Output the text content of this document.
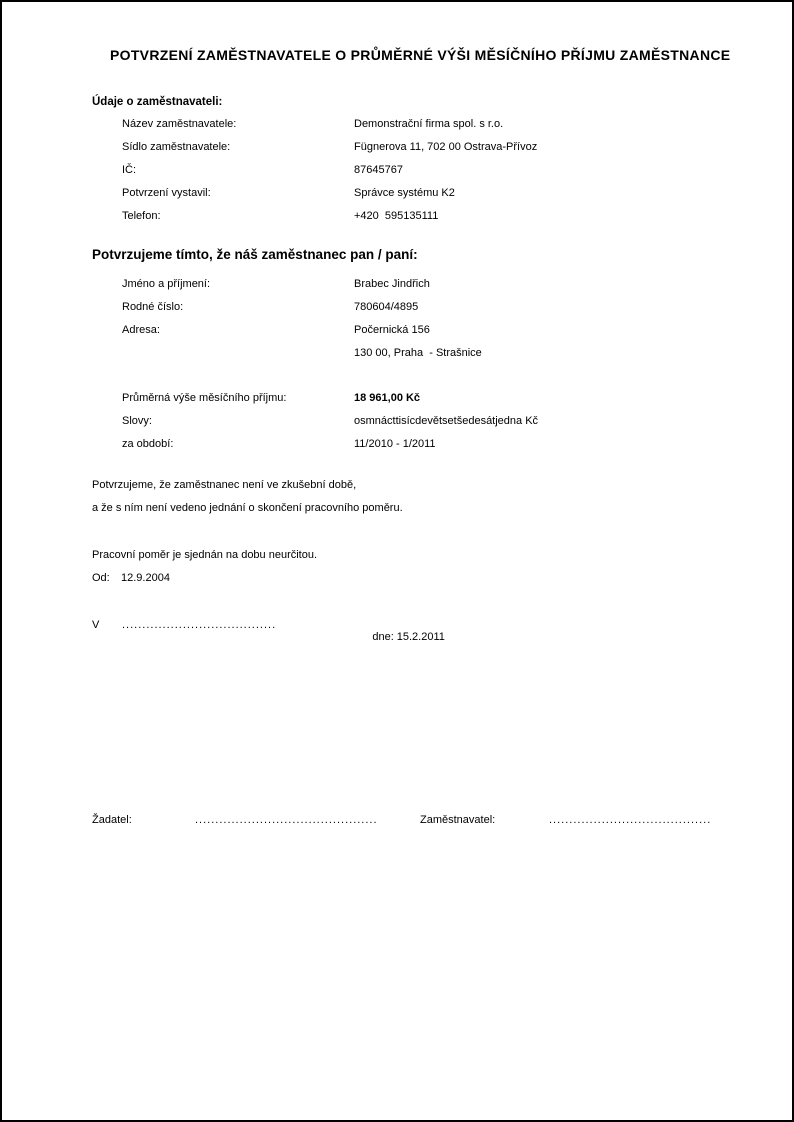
POTVRZENÍ ZAMĚSTNAVATELE O PRŮMĚRNÉ VÝŠI MĚSÍČNÍHO PŘÍJMU ZAMĚSTNANCE
Údaje o zaměstnavateli:
Název zaměstnavatele:	Demonstrační firma spol. s r.o.
Sídlo zaměstnavatele:	Fügnerova 11, 702 00 Ostrava-Přívoz
IČ:	87645767
Potvrzení vystavil:	Správce systému K2
Telefon:	+420  595135111
Potvrzujeme tímto, že náš zaměstnanec pan / paní:
Jméno a příjmení:	Brabec Jindřich
Rodné číslo:	780604/4895
Adresa:	Počernická 156
130 00, Praha  - Strašnice
Průměrná výše měsíčního příjmu:	18 961,00 Kč
Slovy:	osmnácttisícdevětsetšedesátjedna Kč
za období:	11/2010 - 1/2011
Potvrzujeme, že zaměstnanec není ve zkušební době,
a že s ním není vedeno jednání o skončení pracovního poměru.
Pracovní poměr je sjednán na dobu neurčitou.
Od: 12.9.2004
V ......................................

dne: 15.2.2011

Žadatel:	.............................................	Zaměstnavatel:	........................................
